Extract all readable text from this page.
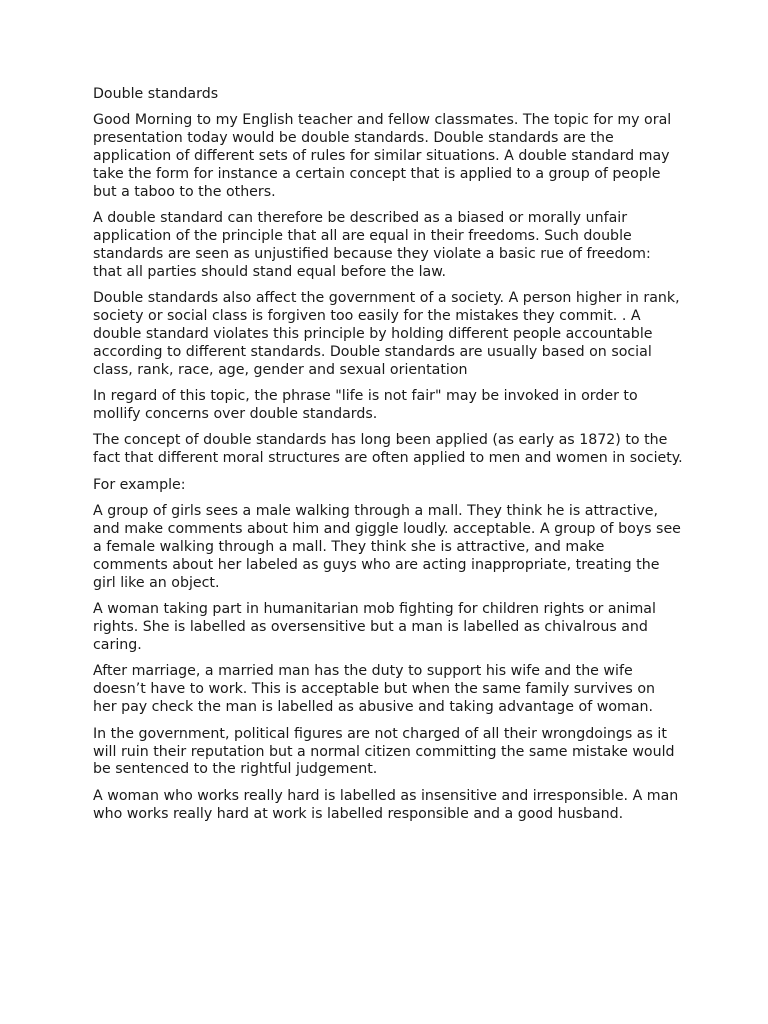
Double standards

Good Morning to my English teacher and fellow classmates. The topic for my oral presentation today would be double standards. Double standards are the application of different sets of rules for similar situations. A double standard may take the form for instance a certain concept that is applied to a group of people but a taboo to the others.

A double standard can therefore be described as a biased or morally unfair application of the principle that all are equal in their freedoms. Such double standards are seen as unjustified because they violate a basic rue of freedom: that all parties should stand equal before the law.

Double standards also affect the government of a society. A person higher in rank, society or social class is forgiven too easily for the mistakes they commit. . A double standard violates this principle by holding different people accountable according to different standards. Double standards are usually based on social class, rank, race, age, gender and sexual orientation

In regard of this topic, the phrase "life is not fair" may be invoked in order to mollify concerns over double standards.

The concept of double standards has long been applied (as early as 1872) to the fact that different moral structures are often applied to men and women in society.

For example:

A group of girls sees a male walking through a mall. They think he is attractive, and make comments about him and giggle loudly. acceptable. A group of boys see a female walking through a mall. They think she is attractive, and make comments about her labeled as guys who are acting inappropriate, treating the girl like an object.

A woman taking part in humanitarian mob fighting for children rights or animal rights. She is labelled as oversensitive but a man is labelled as chivalrous and caring.

After marriage, a married man has the duty to support his wife and the wife doesn’t have to work. This is acceptable but when the same family survives on her pay check the man is labelled as abusive and taking advantage of woman.

In the government, political figures are not charged of all their wrongdoings as it will ruin their reputation but a normal citizen committing the same mistake would be sentenced to the rightful judgement.

A woman who works really hard is labelled as insensitive and irresponsible. A man who works really hard at work is labelled responsible and a good husband.
